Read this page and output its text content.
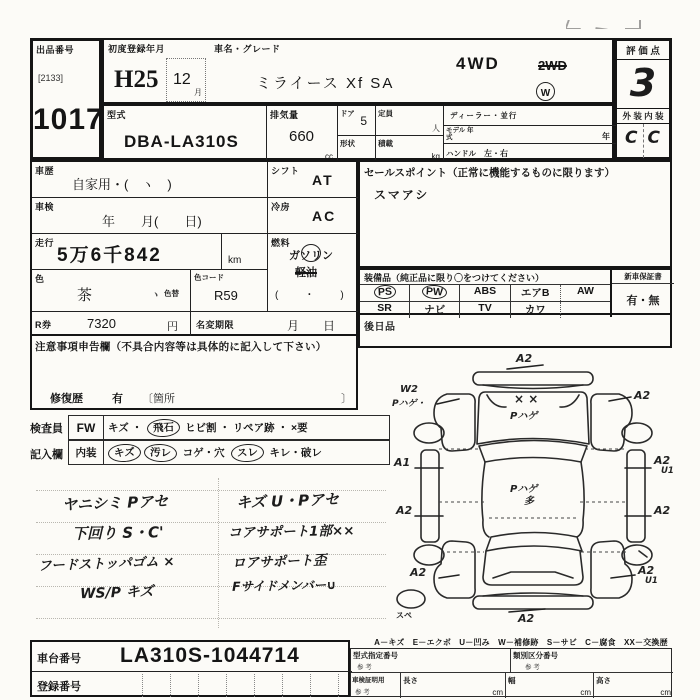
出品番号
[2133]
1017
初度登録年月
H25 12
月
車名・グレード
ミライース Xf SA
4WD	2WD
W
評 価 点
3
外 装 内 装
C C
型式
DBA-LA310S
排気量
660
cc
ドア
5
形状
定員
人
積載
kg
ディーラー・並行
モデル 年式	年
ハンドル 左・右
車歴
自家用・(　ヽ　)
シフト
AT
車検
年　　月(　　日)
冷房
AC
走行
5万6千842	km
燃料
ガソリン
軽油
(　　・　　)
色
茶	ヽ 色替
色コード
R59
R券	7320	円 名変期限	月　　日
注意事項申告欄（不具合内容等は具体的に記入して下さい）
修復歴	有 〔箇所	〕
セールスポイント（正常に機能するものに限ります）
スマアシ
装備品（純正品に限り〇をつけてください）	新車保証書
有・無
PS	PW	ABS	エアB	AW
SR	ナビ	TV	カワ
後日品
検査員	FW	キズ ・ 飛石 ヒビ割 ・ リペア跡 ・ ×要
記入欄	内装	キズ 汚レ コゲ・穴 スレ キレ・破レ
ヤニシミ Pアセ
下回り S・C'
フードストッパゴム ×
WS/P キズ
キズ U・Pアセ
コアサポート1部××
ロアサポート歪
Fサイドメンバー∪
A2
W2
Pハゲ・	× ×
Pハゲ
A2
A1
A2
A2
U1
A2
Pハゲ
多
A2	A2
U1
A2
スペ
A－キズ　E－エクボ　U－凹み　W－補修跡　S－サビ　C－腐食　XX－交換歴
車台番号 LA310S-1044714
登録番号
型式指定番号
参 考
類別区分番号
参 考
車検証明用
参 考
長さ
cm
幅
cm
高さ
cm
